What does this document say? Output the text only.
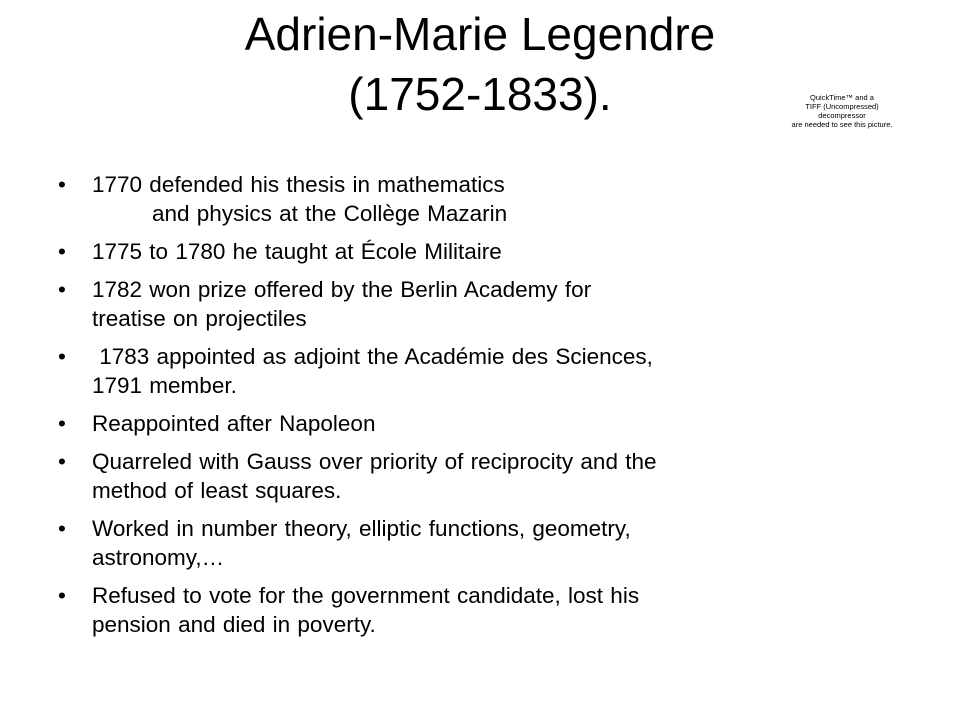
Adrien-Marie Legendre
(1752-1833).	QuickTime™ and a
TIFF (Uncompressed) decompressor
are needed to see this picture.
• 1770 defended his thesis in mathematics
and physics at the Collège Mazarin
• 1775 to 1780 he taught at École Militaire
• 1782 won prize offered by the Berlin Academy for
treatise on projectiles
• 1783 appointed as adjoint the Académie des Sciences,
1791 member.
• Reappointed after Napoleon
• Quarreled with Gauss over priority of reciprocity and the
method of least squares.
• Worked in number theory, elliptic functions, geometry,
astronomy,…
• Refused to vote for the government candidate, lost his
pension and died in poverty.
